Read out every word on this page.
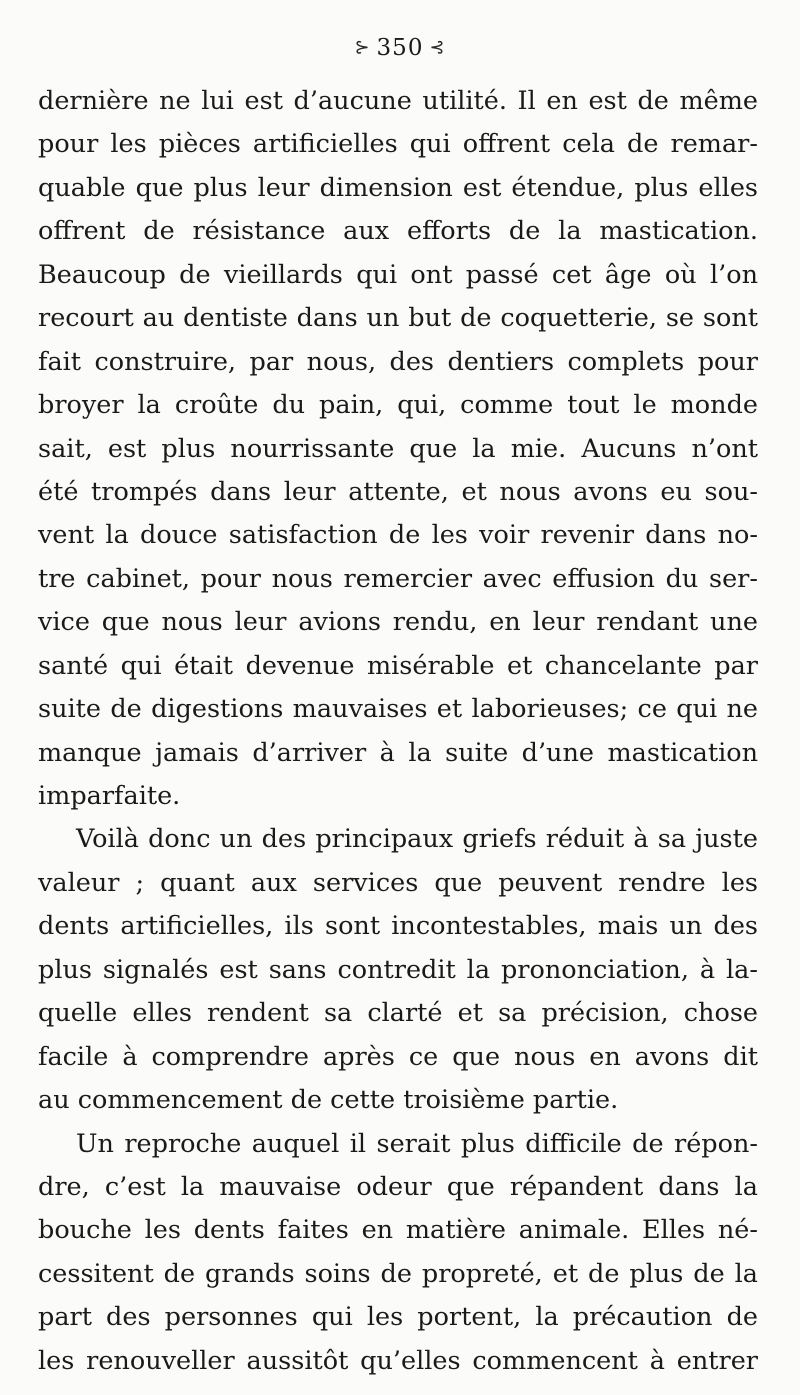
⊱ 350 ⊰
dernière ne lui est d’aucune utilité. Il en est de même
pour les pièces artificielles qui offrent cela de remar-
quable que plus leur dimension est étendue, plus elles
offrent de résistance aux efforts de la mastication.
Beaucoup de vieillards qui ont passé cet âge où l’on
recourt au dentiste dans un but de coquetterie, se sont
fait construire, par nous, des dentiers complets pour
broyer la croûte du pain, qui, comme tout le monde
sait, est plus nourrissante que la mie. Aucuns n’ont
été trompés dans leur attente, et nous avons eu sou-
vent la douce satisfaction de les voir revenir dans no-
tre cabinet, pour nous remercier avec effusion du ser-
vice que nous leur avions rendu, en leur rendant une
santé qui était devenue misérable et chancelante par
suite de digestions mauvaises et laborieuses; ce qui ne
manque jamais d’arriver à la suite d’une mastication
imparfaite.
Voilà donc un des principaux griefs réduit à sa juste
valeur ; quant aux services que peuvent rendre les
dents artificielles, ils sont incontestables, mais un des
plus signalés est sans contredit la prononciation, à la-
quelle elles rendent sa clarté et sa précision, chose
facile à comprendre après ce que nous en avons dit
au commencement de cette troisième partie.
Un reproche auquel il serait plus difficile de répon-
dre, c’est la mauvaise odeur que répandent dans la
bouche les dents faites en matière animale. Elles né-
cessitent de grands soins de propreté, et de plus de la
part des personnes qui les portent, la précaution de
les renouveller aussitôt qu’elles commencent à entrer
